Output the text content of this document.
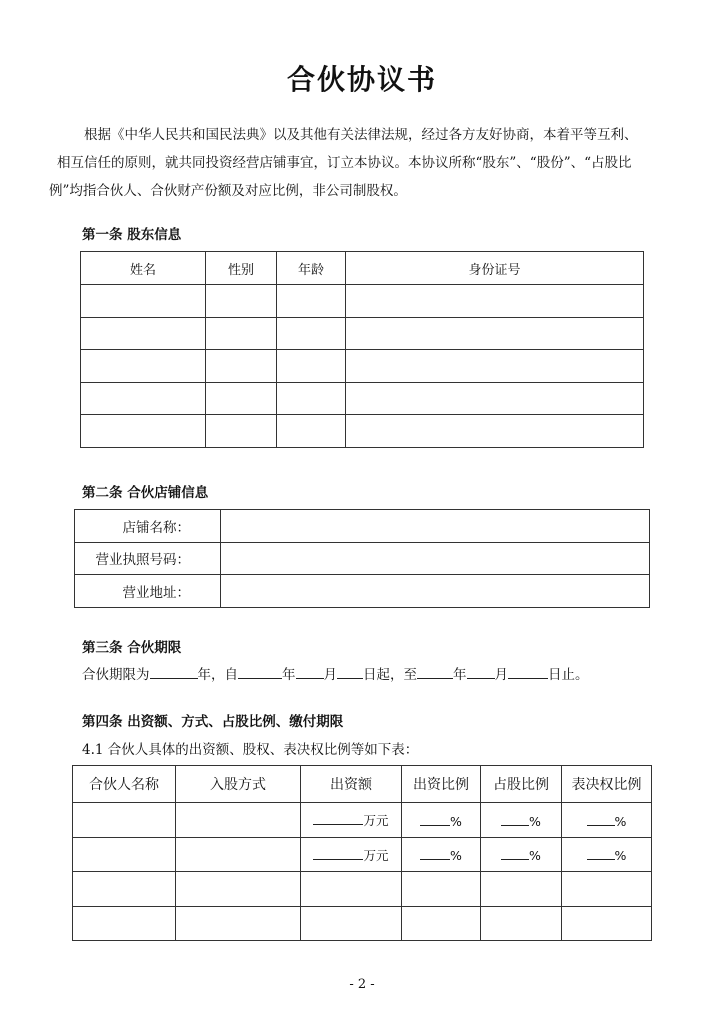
合伙协议书
根据《中华人民共和国民法典》以及其他有关法律法规，经过各方友好协商，本着平等互利、
相互信任的原则，就共同投资经营店铺事宜，订立本协议。本协议所称“股东”、“股份”、“占股比
例”均指合伙人、合伙财产份额及对应比例，非公司制股权。
第一条 股东信息
姓名	性别	年龄	身份证号

第二条 合伙店铺信息
店铺名称：	
营业执照号码：	
营业地址：	
第三条 合伙期限
合伙期限为	年，自	年 月 日起，至	年 月	日止。
第四条 出资额、方式、占股比例、缴付期限
4.1 合伙人具体的出资额、股权、表决权比例等如下表：
合伙人名称	入股方式	出资额	出资比例	占股比例	表决权比例
		万元	%	%	%
		万元	%	%	%

- 2 -
